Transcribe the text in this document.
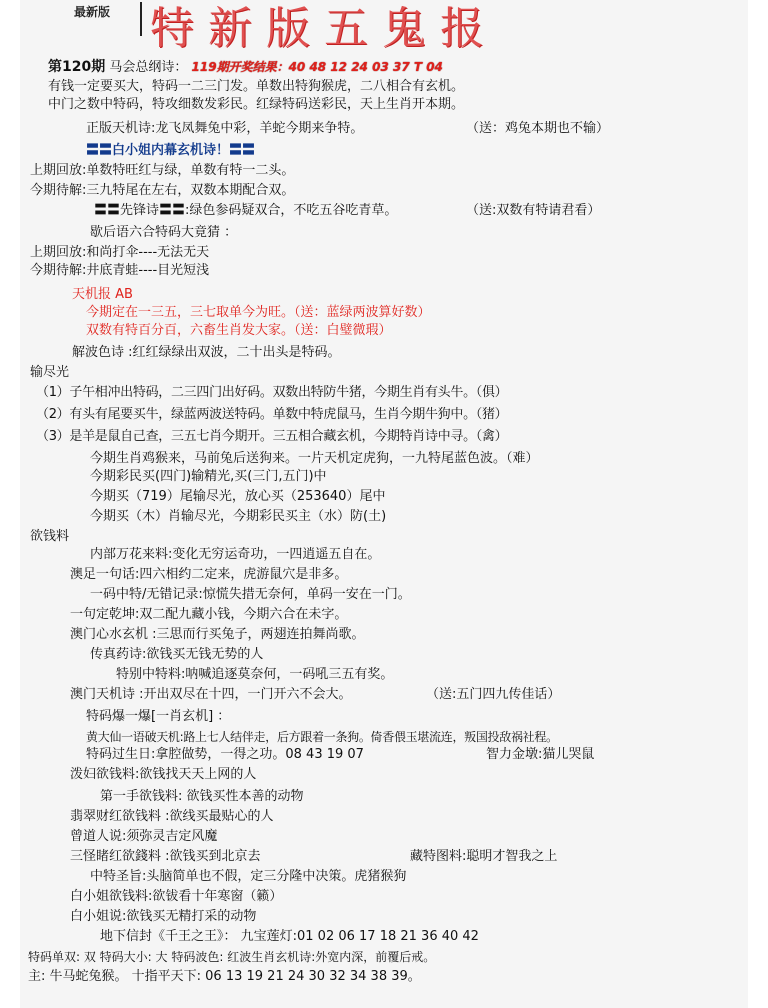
最新版 特新版五鬼报
第120期 马会总纲诗： 119期开奖结果：40 48 12 24 03 37 T 04
有钱一定要买大，特码一二三门发。单数出特狗猴虎，二八相合有玄机。
中门之数中特码，特攻细数发彩民。红绿特码送彩民，天上生肖开本期。
正版天机诗:龙飞凤舞兔中彩，羊蛇今期来争特。	（送：鸡兔本期也不输）
〓〓白小姐内幕玄机诗！〓〓
上期回放:单数特旺红与绿，单数有特一二头。
今期待解:三九特尾在左右，双数本期配合双。
〓〓先锋诗〓〓:绿色参码疑双合，不吃五谷吃青草。	（送:双数有特请君看）
歇后语六合特码大竟猜 ：
上期回放:和尚打伞----无法无天
今期待解:井底青蛙----目光短浅
天机报 AB
今期定在一三五，三七取单今为旺。（送：蓝绿两波算好数）
双数有特百分百，六畜生肖发大家。（送：白璧微瑕）
解波色诗 :红红绿绿出双波，二十出头是特码。
输尽光
（1）子午相冲出特码，二三四门出好码。双数出特防牛猪，今期生肖有头牛。（俱）
（2）有头有尾要买牛，绿蓝两波送特码。单数中特虎鼠马，生肖今期牛狗中。（猪）
（3）是羊是鼠自己查，三五七肖今期开。三五相合藏玄机，今期特肖诗中寻。（禽）
今期生肖鸡猴来，马前兔后送狗来。一片天机定虎狗，一九特尾蓝色波。（难）
今期彩民买(四门)输精光,买(三门,五门)中
今期买（719）尾输尽光，放心买（253640）尾中
今期买（木）肖输尽光，今期彩民买主（水）防(土)
欲钱料
内部万花来料:变化无穷运奇功，一四逍遥五自在。
澳足一句话:四六相约二定来，虎游鼠穴是非多。
一码中特/无错记录:惊慌失措无奈何，单码一安在一门。
一句定乾坤:双二配九藏小钱，今期六合在未字。
澳门心水玄机 :三思而行买兔子，两翅连拍舞尚歌。
传真药诗:欲钱买无钱无势的人
特别中特料:呐喊追逐莫奈何，一码吼三五有奖。
澳门天机诗 :开出双尽在十四，一门开六不会大。	（送:五门四九传佳话）
特码爆一爆[一肖玄机] ：
黄大仙一语破天机:路上七人结伴走，后方跟着一条狗。倚香偎玉堪流连，叛国投敌祸社程。
特码过生日:拿腔做势，一得之功。08 43 19 07	智力金墩:猫儿哭鼠
泼妇欲钱料:欲钱找天天上网的人
第一手欲钱料: 欲钱买性本善的动物
翡翠财红欲钱料 :欲线买最贴心的人
曾道人说:须弥灵吉定风魔
三怪睹红欲錢料 :欲钱买到北京去	藏特图料:聪明才智我之上
中特圣旨:头脑简单也不假，定三分隆中决策。虎猪猴狗
白小姐欲钱料:欲钹看十年寒窗（籁）
白小姐说:欲钱买无精打采的动物
地下信封《千王之王》： 九宝莲灯:01 02 06 17 18 21 36 40 42
特码单双: 双 特码大小: 大 特码波色: 红波生肖玄机诗:外宽内深，前覆后戒。
主: 牛马蛇兔猴。 十指平天下: 06 13 19 21 24 30 32 34 38 39。
